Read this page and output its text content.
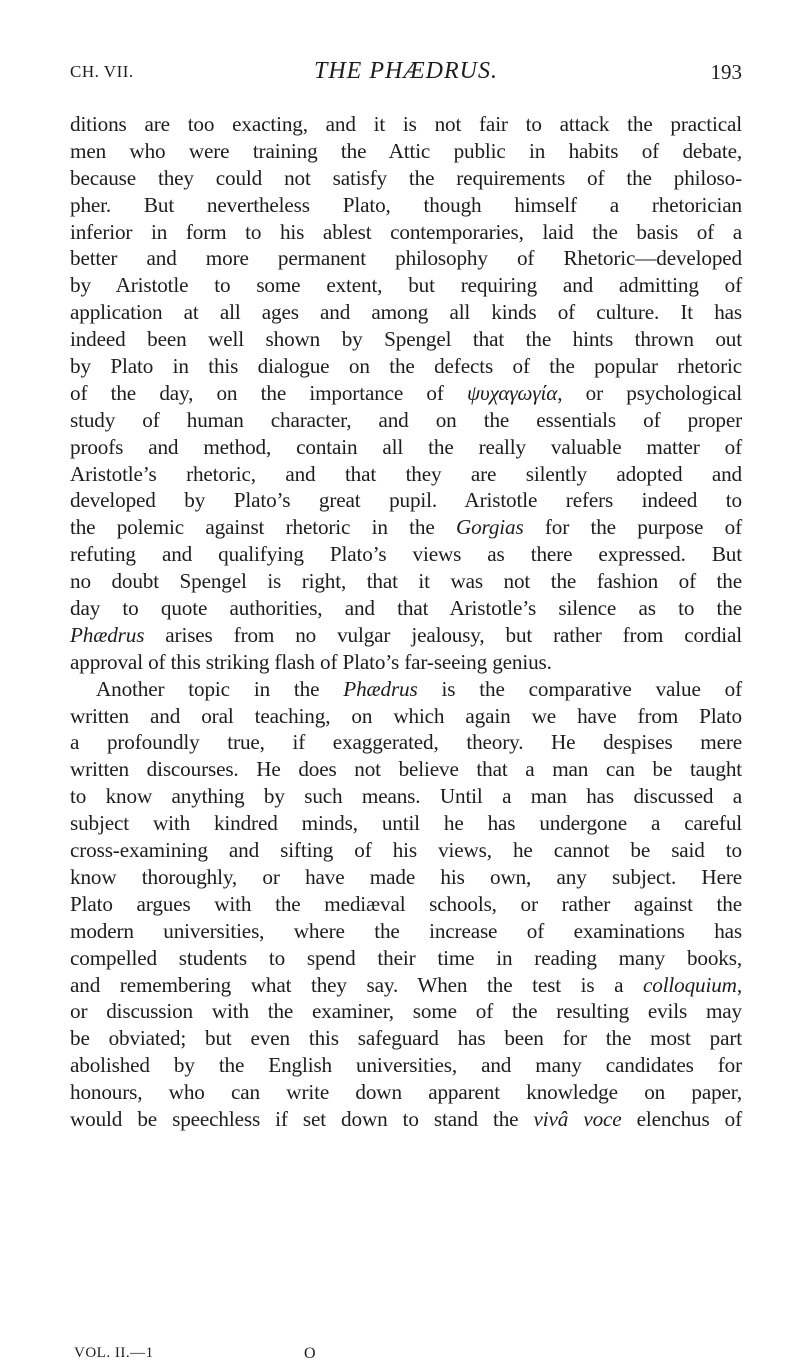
CH. VII.	THE PHÆDRUS.	193
ditions are too exacting, and it is not fair to attack the practical
men who were training the Attic public in habits of debate,
because they could not satisfy the requirements of the philoso-
pher. But nevertheless Plato, though himself a rhetorician
inferior in form to his ablest contemporaries, laid the basis of a
better and more permanent philosophy of Rhetoric—developed
by Aristotle to some extent, but requiring and admitting of
application at all ages and among all kinds of culture. It has
indeed been well shown by Spengel that the hints thrown out
by Plato in this dialogue on the defects of the popular rhetoric
of the day, on the importance of ψυχαγωγία, or psychological
study of human character, and on the essentials of proper
proofs and method, contain all the really valuable matter of
Aristotle’s rhetoric, and that they are silently adopted and
developed by Plato’s great pupil. Aristotle refers indeed to
the polemic against rhetoric in the Gorgias for the purpose of
refuting and qualifying Plato’s views as there expressed. But
no doubt Spengel is right, that it was not the fashion of the
day to quote authorities, and that Aristotle’s silence as to the
Phædrus arises from no vulgar jealousy, but rather from cordial
approval of this striking flash of Plato’s far-seeing genius.
Another topic in the Phædrus is the comparative value of
written and oral teaching, on which again we have from Plato
a profoundly true, if exaggerated, theory. He despises mere
written discourses. He does not believe that a man can be taught
to know anything by such means. Until a man has discussed a
subject with kindred minds, until he has undergone a careful
cross-examining and sifting of his views, he cannot be said to
know thoroughly, or have made his own, any subject. Here
Plato argues with the mediæval schools, or rather against the
modern universities, where the increase of examinations has
compelled students to spend their time in reading many books,
and remembering what they say. When the test is a colloquium,
or discussion with the examiner, some of the resulting evils may
be obviated; but even this safeguard has been for the most part
abolished by the English universities, and many candidates for
honours, who can write down apparent knowledge on paper,
would be speechless if set down to stand the vivâ voce elenchus of
VOL. II.—1	O
